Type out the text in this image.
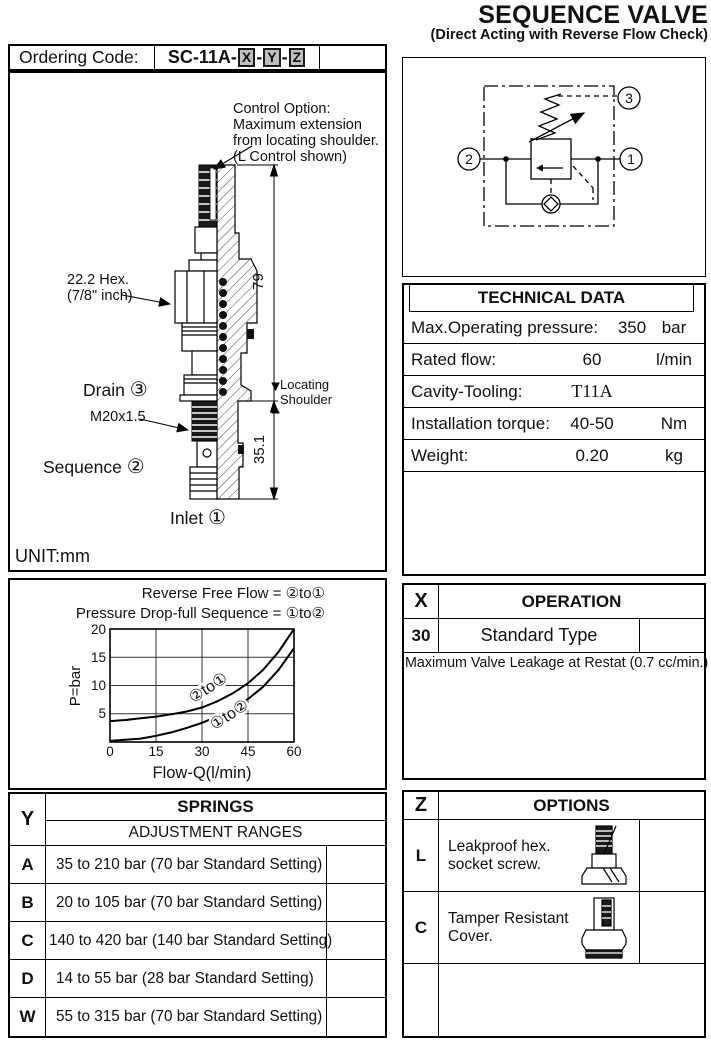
SEQUENCE VALVE
(Direct Acting with Reverse Flow Check)
Ordering Code:	SC-11A- X - Y - Z
Control Option:
Maximum extension
from locating shoulder.
(L Control shown)
22.2 Hex.
(7/8" inch)
Drain ③
M20x1.5
Sequence ②
Inlet ①
79
35.1
Locating
Shoulder
UNIT:mm
3
2	1
TECHNICAL DATA
Max.Operating pressure:	350 bar
Rated flow:	60	l/min
Cavity-Tooling:	T11A
Installation torque:	40-50	Nm
Weight:	0.20	kg
Reverse Free Flow = ②to①
Pressure Drop-full Sequence = ①to②
②to①
①to②
20
15
10
5
0	15 30 45 60
P=bar
Flow-Q(l/min)
X	OPERATION
30	Standard Type
Maximum Valve Leakage at Restat (0.7 cc/min.)
Y
SPRINGS
ADJUSTMENT RANGES
A	35 to 210 bar (70 bar Standard Setting)
B	20 to 105 bar (70 bar Standard Setting)
C	140 to 420 bar (140 bar Standard Setting)
D	14 to 55 bar (28 bar Standard Setting)
W	55 to 315 bar (70 bar Standard Setting)
Z	OPTIONS
L	Leakproof hex.
socket screw.
C	Tamper Resistant
Cover.
